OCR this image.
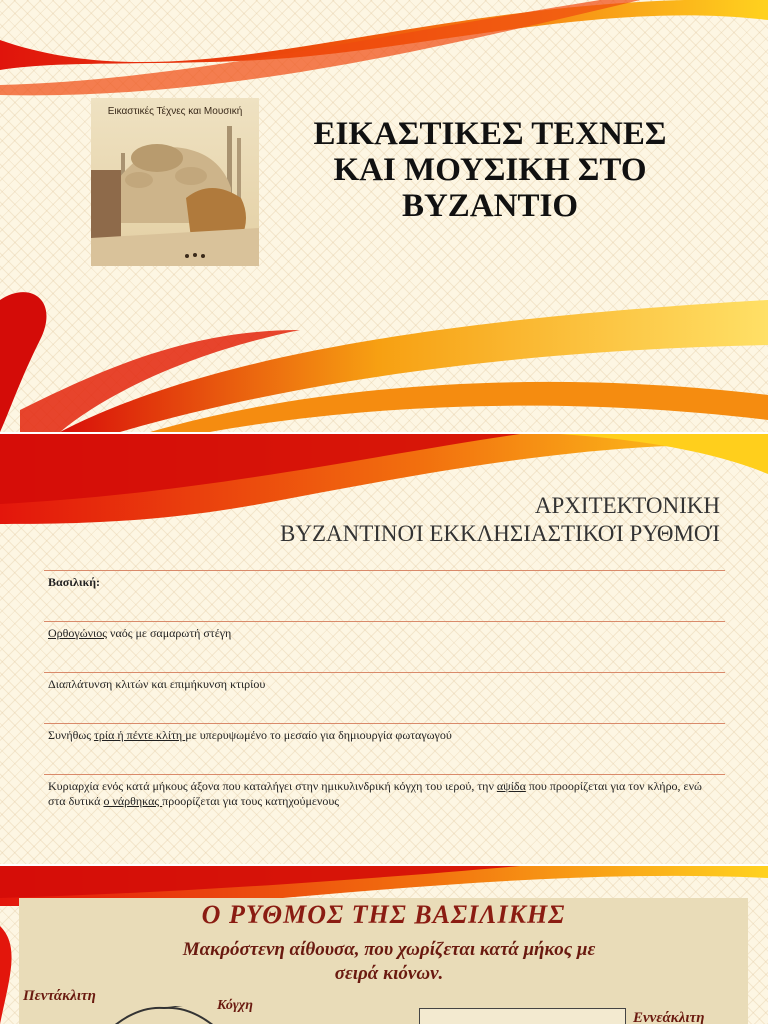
Εικαστικές Τέχνες και Μουσική
ΕΙΚΑΣΤΙΚΕΣ ΤΕΧΝΕΣ
ΚΑΙ ΜΟΥΣΙΚΗ ΣΤΟ
ΒΥΖΑΝΤΙΟ
ΑΡΧΙΤΕΚΤΟΝΙΚΗ
ΒΥΖΑΝΤΙΝΟΊ ΕΚΚΛΗΣΙΑΣΤΙΚΟΊ ΡΥΘΜΟΊ
Βασιλική:
Ορθογώνιος ναός με σαμαρωτή στέγη
Διαπλάτυνση κλιτών και επιμήκυνση κτιρίου
Συνήθως τρία ή πέντε κλίτη με υπερυψωμένο το μεσαίο για δημιουργία φωταγωγού
Κυριαρχία ενός κατά μήκους άξονα που καταλήγει στην ημικυλινδρική κόγχη του ιερού, την αψίδα που προορίζεται για τον κλήρο, ενώ στα δυτικά ο νάρθηκας προορίζεται για τους κατηχούμενους
Ο ΡΥΘΜΟΣ ΤΗΣ ΒΑΣΙΛΙΚΗΣ
Μακρόστενη αίθουσα, που χωρίζεται κατά μήκος με
σειρά κιόνων.
Πεντάκλιτη
Κόγχη
Εννεάκλιτη
